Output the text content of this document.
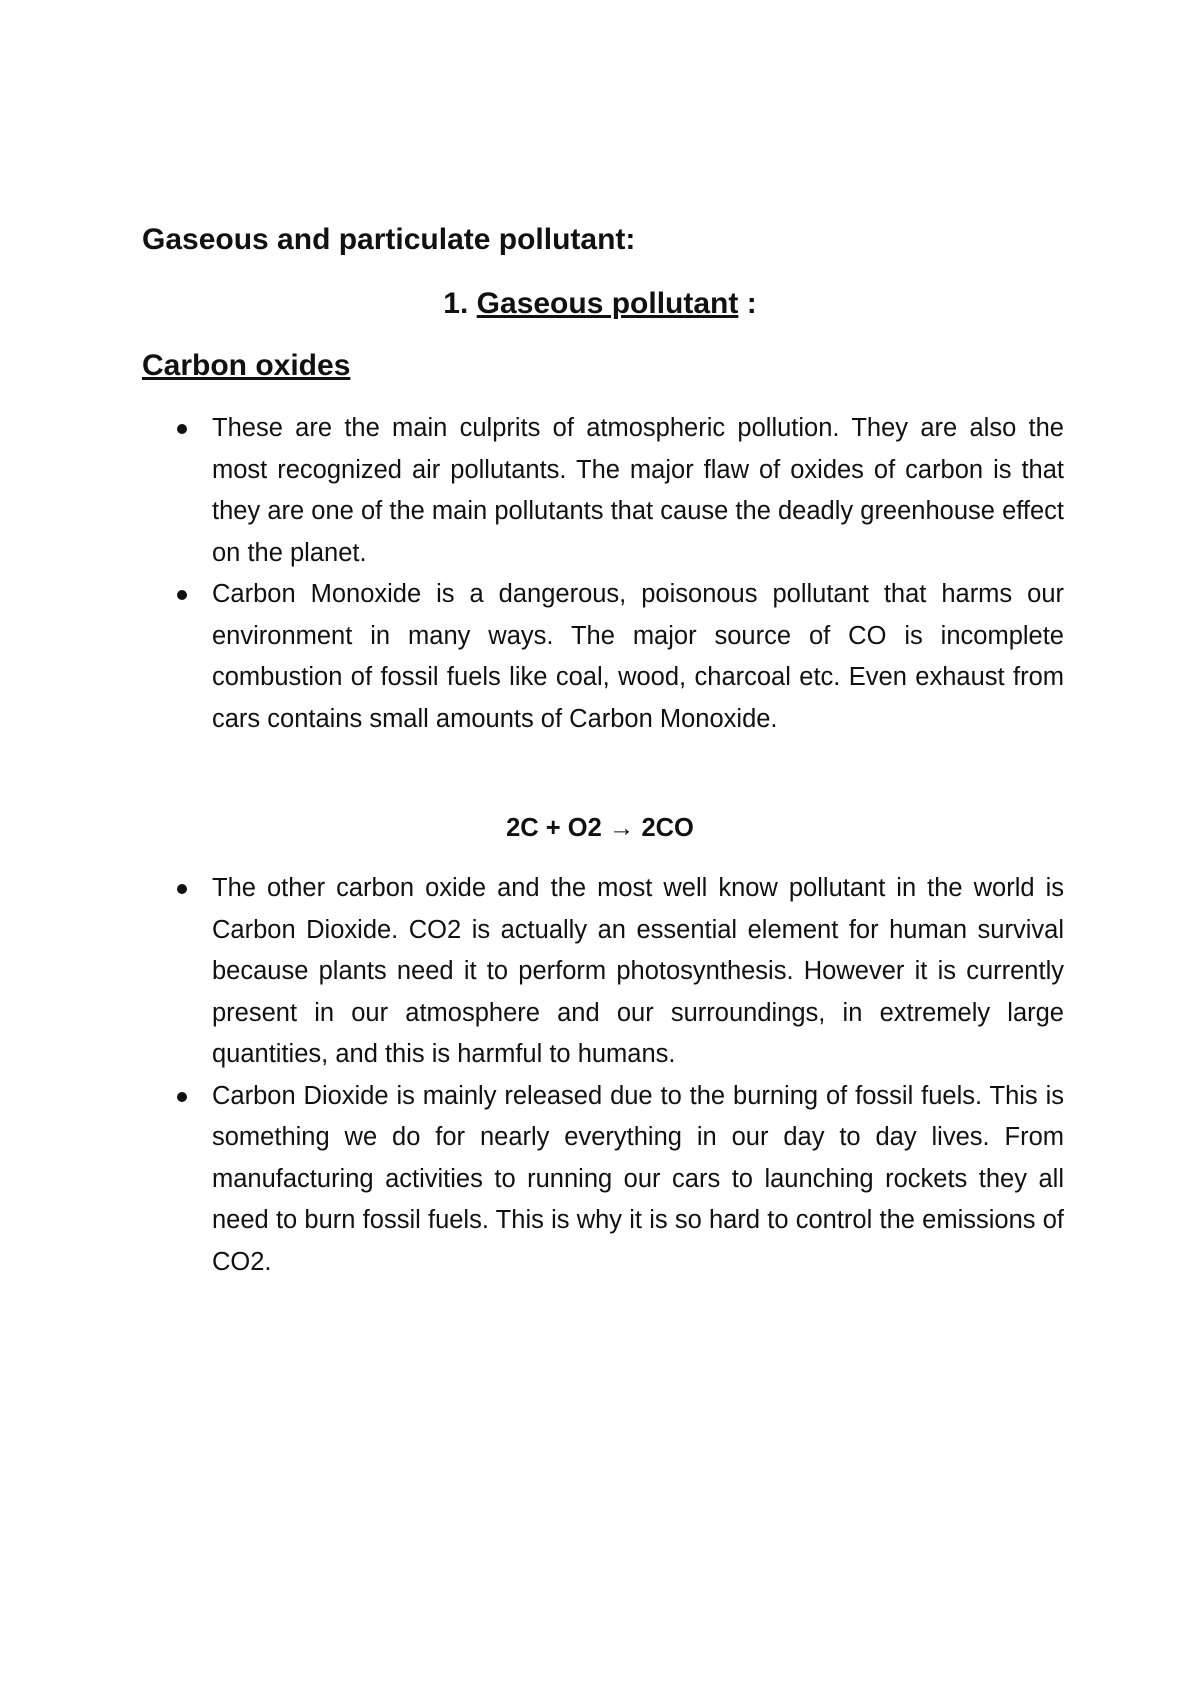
Gaseous and particulate pollutant:
1. Gaseous pollutant :
Carbon oxides
These are the main culprits of atmospheric pollution. They are also the most recognized air pollutants. The major flaw of oxides of carbon is that they are one of the main pollutants that cause the deadly greenhouse effect on the planet.
Carbon Monoxide is a dangerous, poisonous pollutant that harms our environment in many ways. The major source of CO is incomplete combustion of fossil fuels like coal, wood, charcoal etc. Even exhaust from cars contains small amounts of Carbon Monoxide.

2C + O2 → 2CO

The other carbon oxide and the most well know pollutant in the world is Carbon Dioxide. CO2 is actually an essential element for human survival because plants need it to perform photosynthesis. However it is currently present in our atmosphere and our surroundings, in extremely large quantities, and this is harmful to humans.
Carbon Dioxide is mainly released due to the burning of fossil fuels. This is something we do for nearly everything in our day to day lives. From manufacturing activities to running our cars to launching rockets they all need to burn fossil fuels. This is why it is so hard to control the emissions of CO2.
